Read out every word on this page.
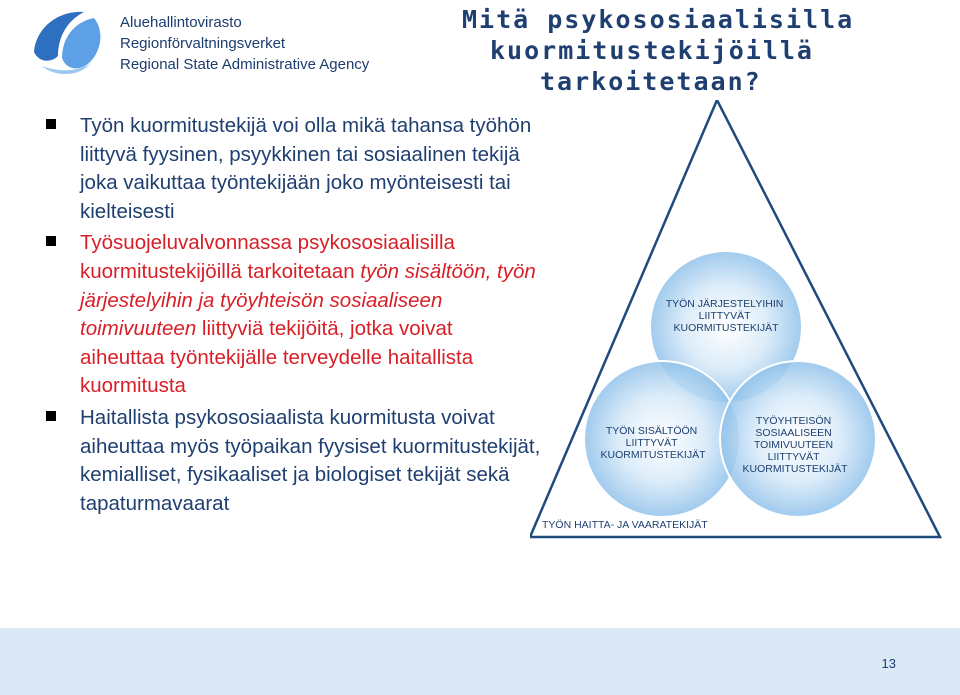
Aluehallintovirasto
Regionförvaltningsverket
Regional State Administrative Agency
Mitä psykososiaalisilla
kuormitustekijöillä
tarkoitetaan?
Työn kuormitustekijä voi olla mikä tahansa työhön liittyvä fyysinen, psyykkinen tai sosiaalinen tekijä joka vaikuttaa työntekijään joko myönteisesti tai kielteisesti
Työsuojeluvalvonnassa psykososiaalisilla kuormitustekijöillä tarkoitetaan työn sisältöön, työn järjestelyihin ja työyhteisön sosiaaliseen toimivuuteen liittyviä tekijöitä, jotka voivat aiheuttaa työntekijälle terveydelle haitallista kuormitusta
Haitallista psykososiaalista kuormitusta voivat aiheuttaa myös työpaikan fyysiset kuormitustekijät, kemialliset, fysikaaliset ja biologiset tekijät sekä tapaturmavaarat
TYÖN JÄRJESTELYIHIN LIITTYVÄT KUORMITUSTEKIJÄT
TYÖN SISÄLTÖÖN LIITTYVÄT KUORMITUSTEKIJÄT
TYÖYHTEISÖN SOSIAALISEEN TOIMIVUUTEEN LIITTYVÄT KUORMITUSTEKIJÄT
TYÖN HAITTA- JA VAARATEKIJÄT
13
